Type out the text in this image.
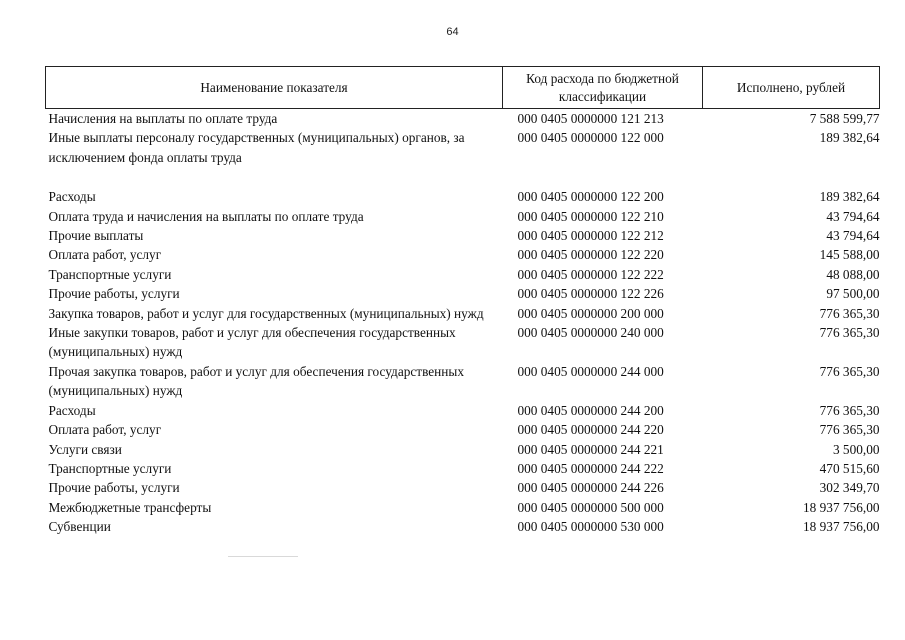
64
Наименование показателя	Код расхода по бюджетной классификации	Исполнено, рублей
Начисления на выплаты по оплате труда	000 0405 0000000 121 213	7 588 599,77
Иные выплаты персоналу государственных (муниципальных) органов, за исключением фонда оплаты труда	000 0405 0000000 122 000	189 382,64

Расходы	000 0405 0000000 122 200	189 382,64
Оплата труда и начисления на выплаты по оплате труда	000 0405 0000000 122 210	43 794,64
Прочие выплаты	000 0405 0000000 122 212	43 794,64
Оплата работ, услуг	000 0405 0000000 122 220	145 588,00
Транспортные услуги	000 0405 0000000 122 222	48 088,00
Прочие работы, услуги	000 0405 0000000 122 226	97 500,00
Закупка товаров, работ и услуг для государственных (муниципальных) нужд	000 0405 0000000 200 000	776 365,30
Иные закупки товаров, работ и услуг для обеспечения государственных (муниципальных) нужд	000 0405 0000000 240 000	776 365,30
Прочая закупка товаров, работ и услуг для обеспечения государственных (муниципальных) нужд	000 0405 0000000 244 000	776 365,30
Расходы	000 0405 0000000 244 200	776 365,30
Оплата работ, услуг	000 0405 0000000 244 220	776 365,30
Услуги связи	000 0405 0000000 244 221	3 500,00
Транспортные услуги	000 0405 0000000 244 222	470 515,60
Прочие работы, услуги	000 0405 0000000 244 226	302 349,70
Межбюджетные трансферты	000 0405 0000000 500 000	18 937 756,00
Субвенции	000 0405 0000000 530 000	18 937 756,00
